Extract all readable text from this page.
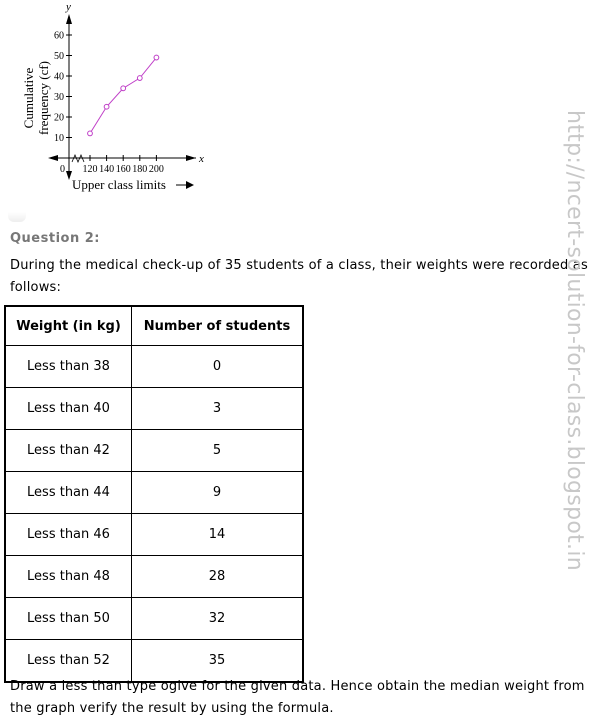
10
20
30
40
50
60
120 140 160 180 200
y
x
0
Cumulative frequency (cf)
Upper class limits
Question 2:
During the medical check-up of 35 students of a class, their weights were recorded as follows:
Weight (in kg)	Number of students
Less than 38	0
Less than 40	3
Less than 42	5
Less than 44	9
Less than 46	14
Less than 48	28
Less than 50	32
Less than 52	35
Draw a less than type ogive for the given data. Hence obtain the median weight from the graph verify the result by using the formula.
http://ncert-solution-for-class.blogspot.in
